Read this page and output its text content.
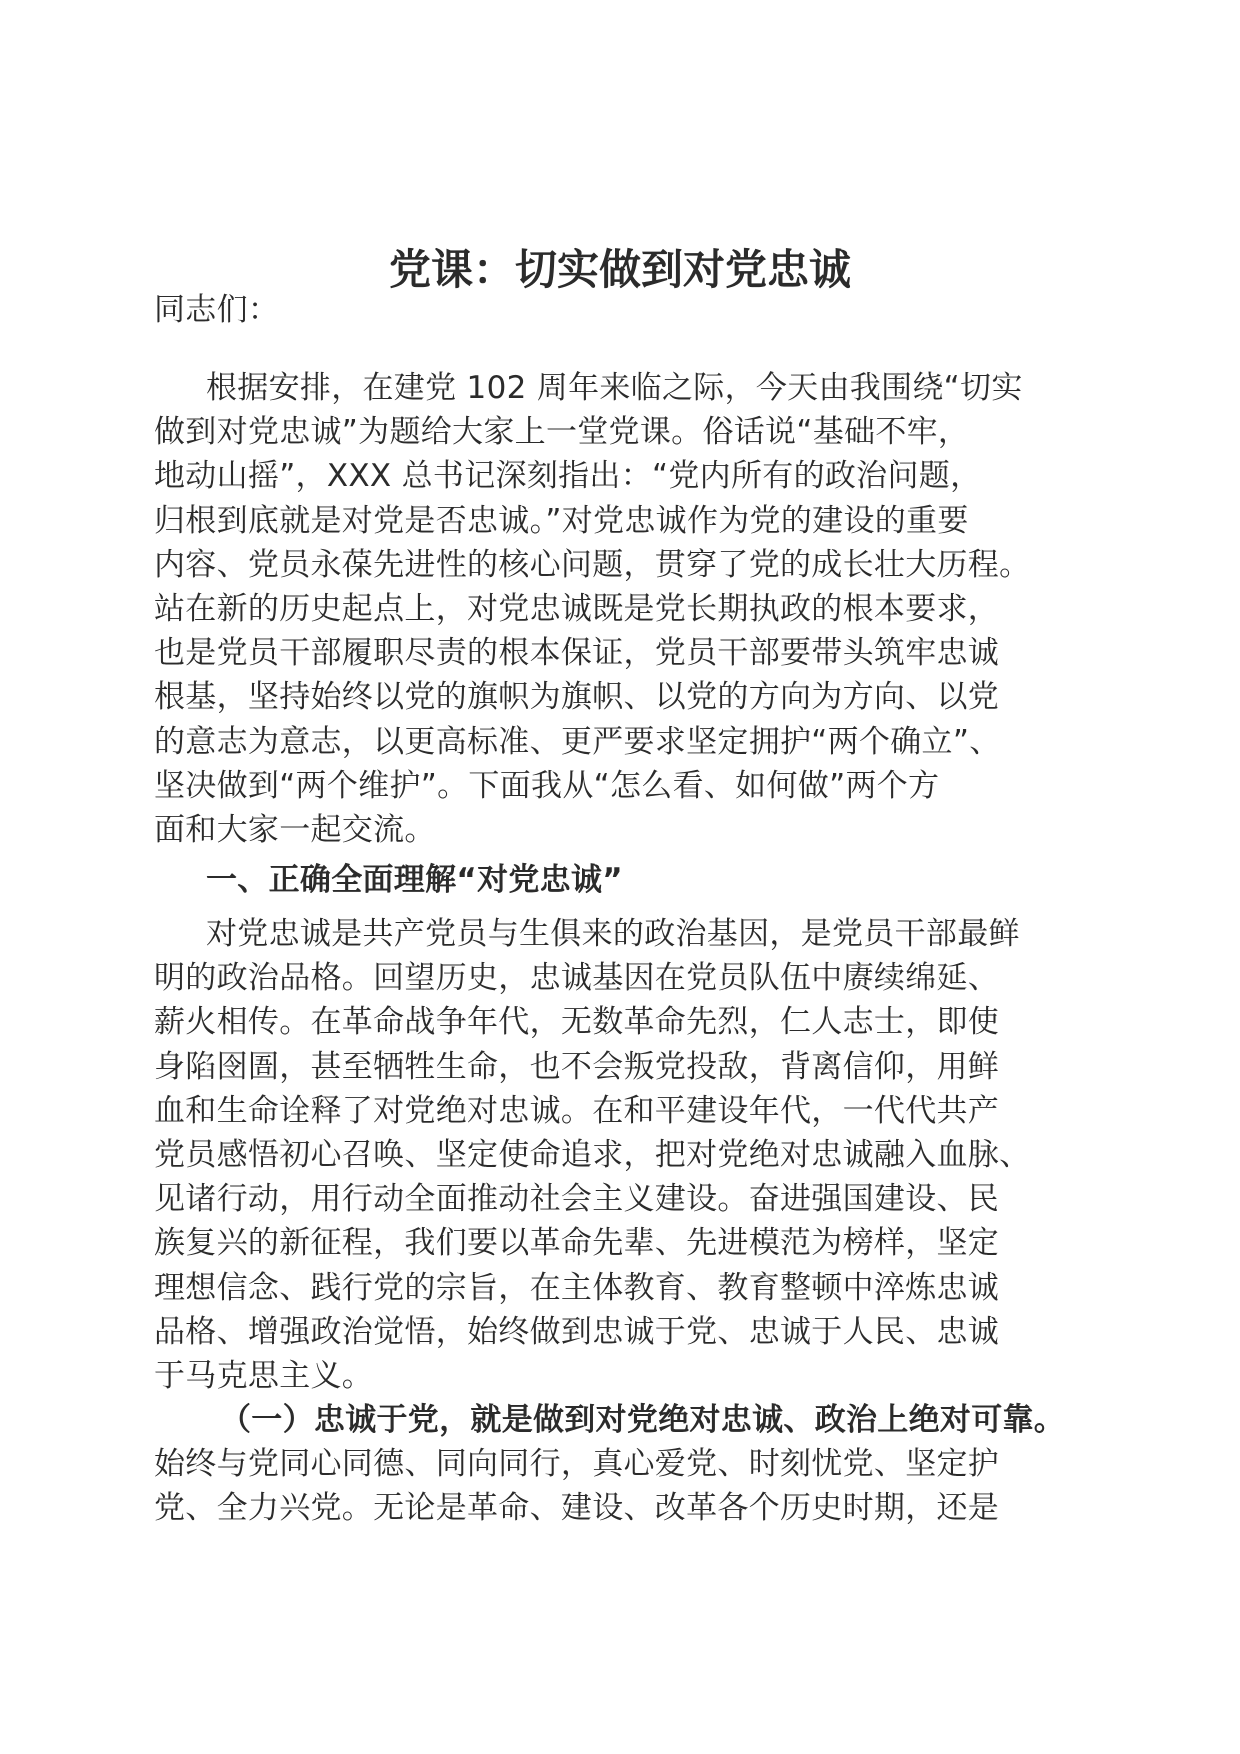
党课：切实做到对党忠诚

同志们：

根据安排，在建党 102 周年来临之际，今天由我围绕“切实
做到对党忠诚”为题给大家上一堂党课。俗话说“基础不牢，
地动山摇”，XXX 总书记深刻指出：“党内所有的政治问题，
归根到底就是对党是否忠诚。”对党忠诚作为党的建设的重要
内容、党员永葆先进性的核心问题，贯穿了党的成长壮大历程。
站在新的历史起点上，对党忠诚既是党长期执政的根本要求，
也是党员干部履职尽责的根本保证，党员干部要带头筑牢忠诚
根基，坚持始终以党的旗帜为旗帜、以党的方向为方向、以党
的意志为意志，以更高标准、更严要求坚定拥护“两个确立”、
坚决做到“两个维护”。下面我从“怎么看、如何做”两个方
面和大家一起交流。

一、正确全面理解“对党忠诚”

对党忠诚是共产党员与生俱来的政治基因，是党员干部最鲜
明的政治品格。回望历史，忠诚基因在党员队伍中赓续绵延、
薪火相传。在革命战争年代，无数革命先烈，仁人志士，即使
身陷囹圄，甚至牺牲生命，也不会叛党投敌，背离信仰，用鲜
血和生命诠释了对党绝对忠诚。在和平建设年代，一代代共产
党员感悟初心召唤、坚定使命追求，把对党绝对忠诚融入血脉、
见诸行动，用行动全面推动社会主义建设。奋进强国建设、民
族复兴的新征程，我们要以革命先辈、先进模范为榜样，坚定
理想信念、践行党的宗旨，在主体教育、教育整顿中淬炼忠诚
品格、增强政治觉悟，始终做到忠诚于党、忠诚于人民、忠诚
于马克思主义。

（一）忠诚于党，就是做到对党绝对忠诚、政治上绝对可靠。
始终与党同心同德、同向同行，真心爱党、时刻忧党、坚定护
党、全力兴党。无论是革命、建设、改革各个历史时期，还是
